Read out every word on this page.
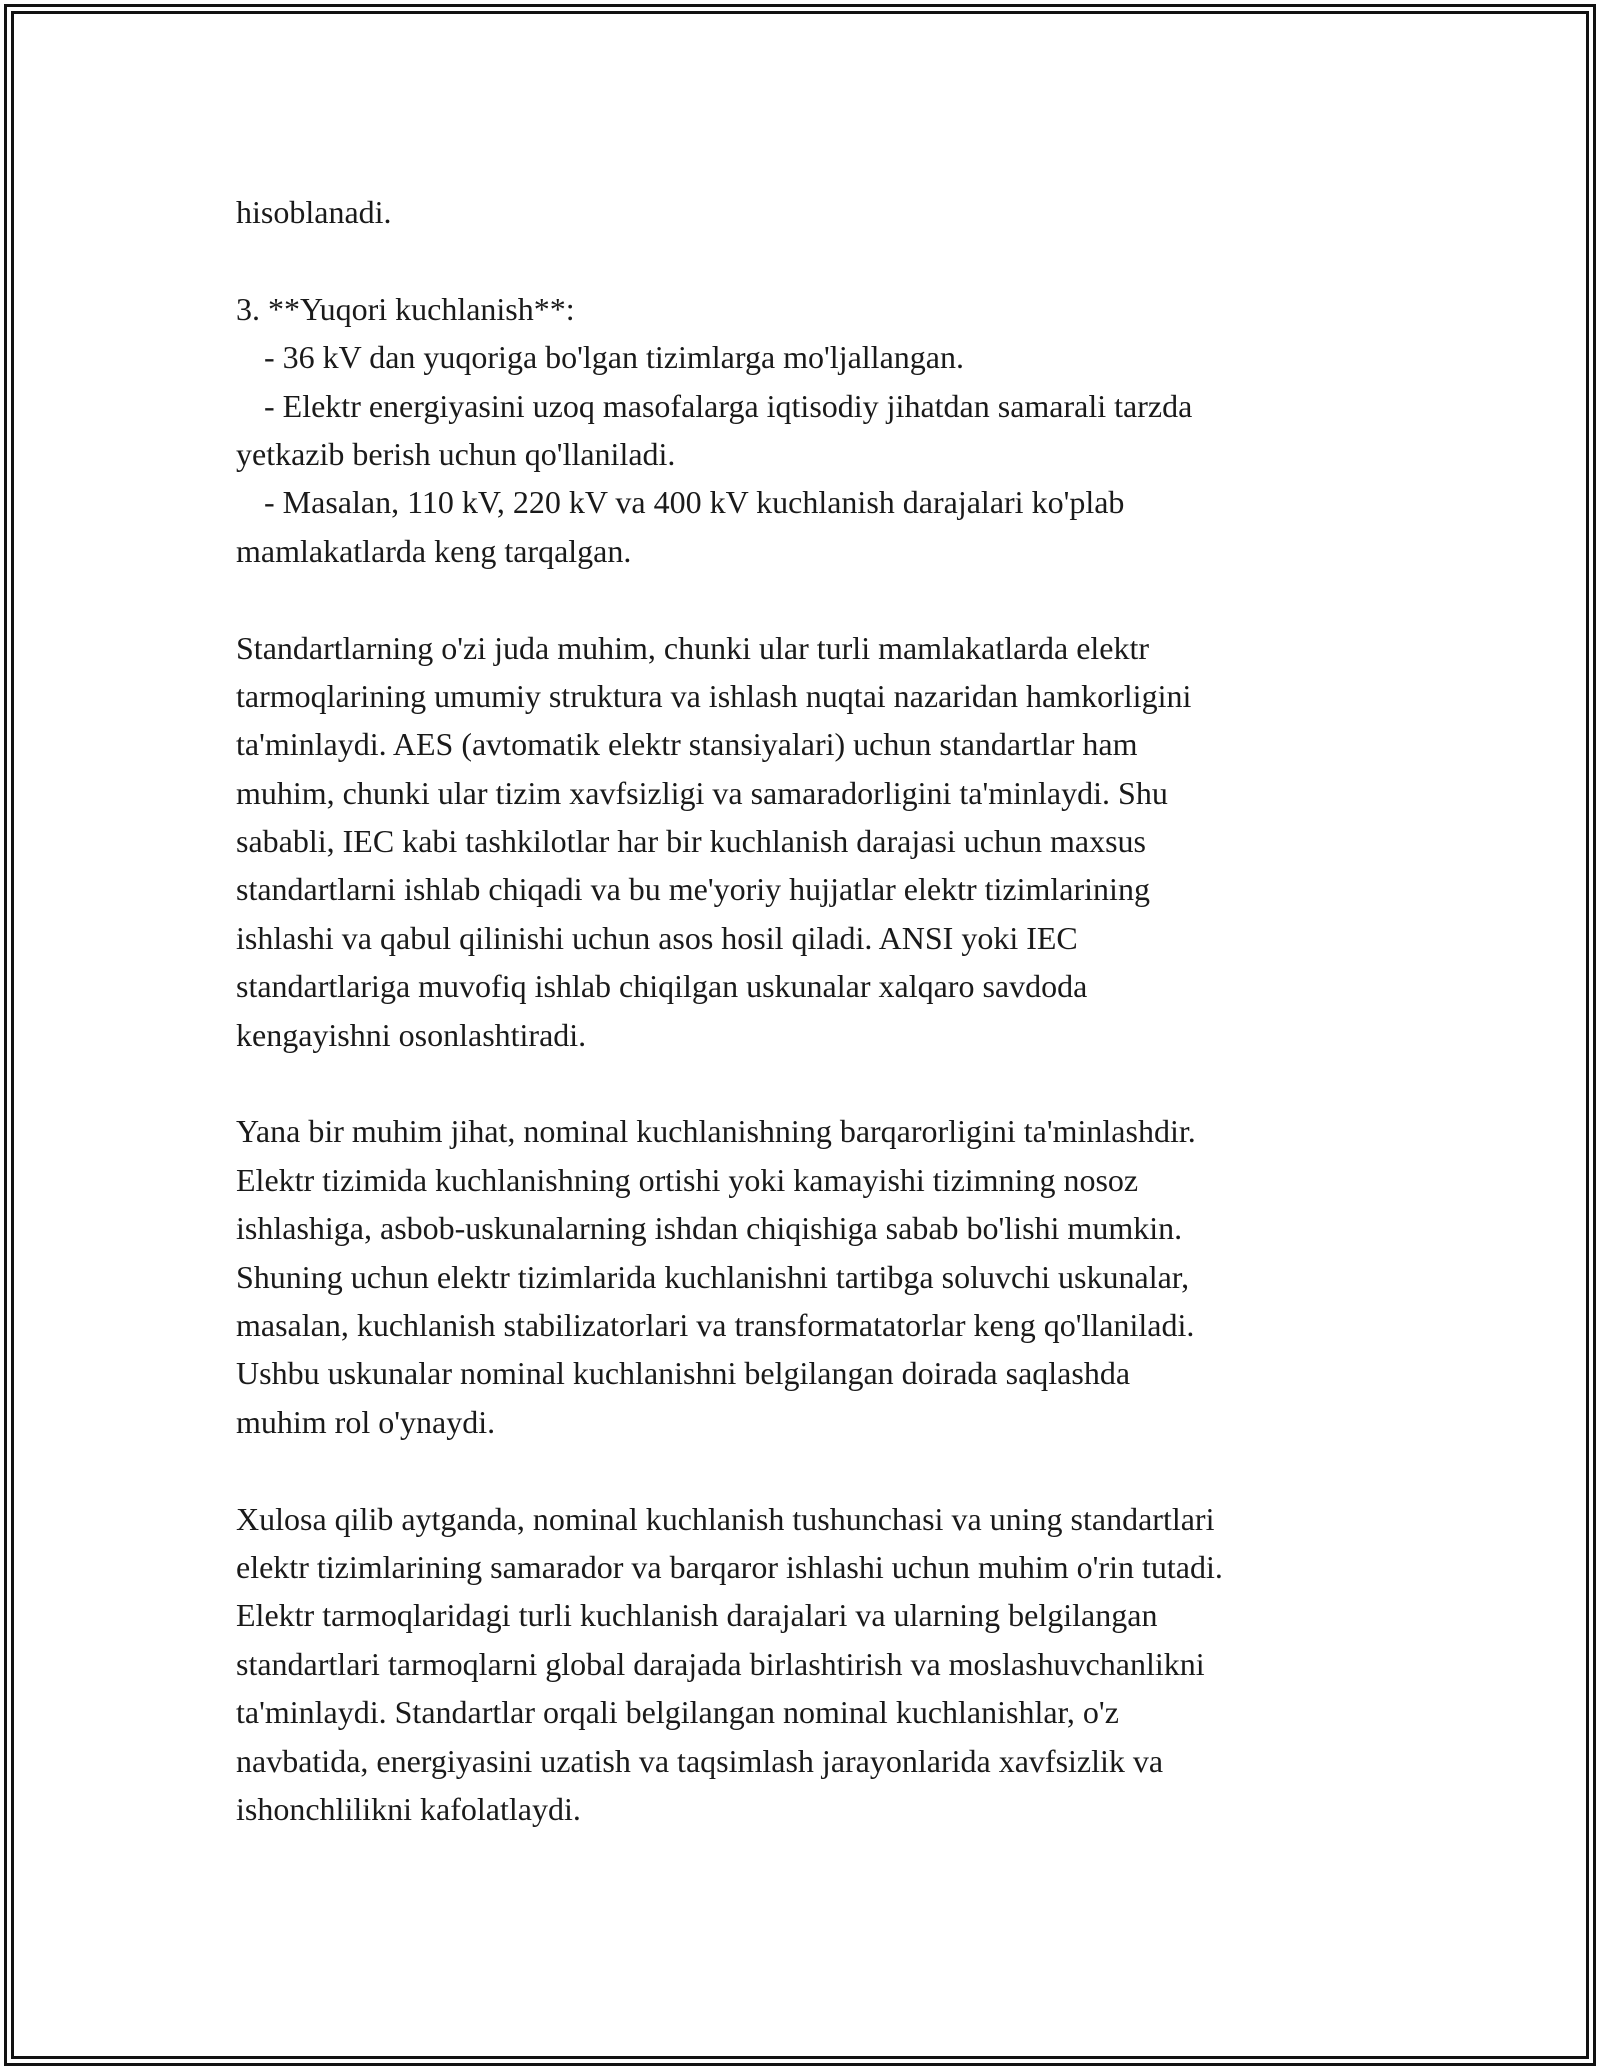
hisoblanadi.
3. **Yuqori kuchlanish**:
- 36 kV dan yuqoriga bo'lgan tizimlarga mo'ljallangan.
- Elektr energiyasini uzoq masofalarga iqtisodiy jihatdan samarali tarzda
yetkazib berish uchun qo'llaniladi.
- Masalan, 110 kV, 220 kV va 400 kV kuchlanish darajalari ko'plab
mamlakatlarda keng tarqalgan.
Standartlarning o'zi juda muhim, chunki ular turli mamlakatlarda elektr
tarmoqlarining umumiy struktura va ishlash nuqtai nazaridan hamkorligini
ta'minlaydi. AES (avtomatik elektr stansiyalari) uchun standartlar ham
muhim, chunki ular tizim xavfsizligi va samaradorligini ta'minlaydi. Shu
sababli, IEC kabi tashkilotlar har bir kuchlanish darajasi uchun maxsus
standartlarni ishlab chiqadi va bu me'yoriy hujjatlar elektr tizimlarining
ishlashi va qabul qilinishi uchun asos hosil qiladi. ANSI yoki IEC
standartlariga muvofiq ishlab chiqilgan uskunalar xalqaro savdoda
kengayishni osonlashtiradi.
Yana bir muhim jihat, nominal kuchlanishning barqarorligini ta'minlashdir.
Elektr tizimida kuchlanishning ortishi yoki kamayishi tizimning nosoz
ishlashiga, asbob-uskunalarning ishdan chiqishiga sabab bo'lishi mumkin.
Shuning uchun elektr tizimlarida kuchlanishni tartibga soluvchi uskunalar,
masalan, kuchlanish stabilizatorlari va transformatatorlar keng qo'llaniladi.
Ushbu uskunalar nominal kuchlanishni belgilangan doirada saqlashda
muhim rol o'ynaydi.
Xulosa qilib aytganda, nominal kuchlanish tushunchasi va uning standartlari
elektr tizimlarining samarador va barqaror ishlashi uchun muhim o'rin tutadi.
Elektr tarmoqlaridagi turli kuchlanish darajalari va ularning belgilangan
standartlari tarmoqlarni global darajada birlashtirish va moslashuvchanlikni
ta'minlaydi. Standartlar orqali belgilangan nominal kuchlanishlar, o'z
navbatida, energiyasini uzatish va taqsimlash jarayonlarida xavfsizlik va
ishonchlilikni kafolatlaydi.
